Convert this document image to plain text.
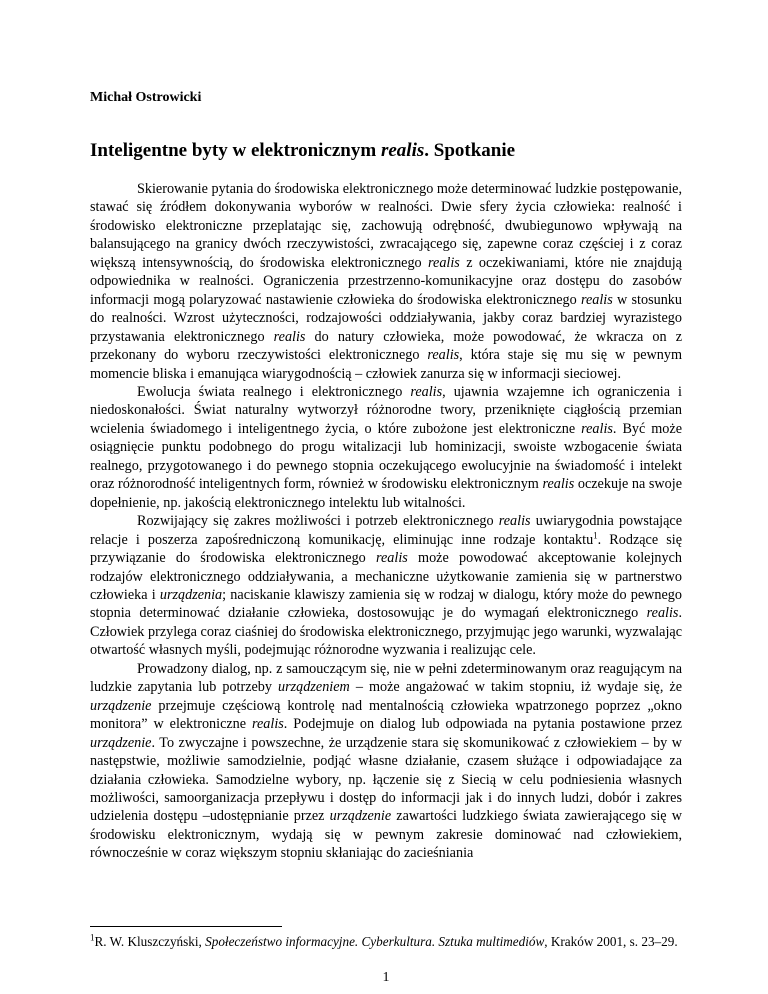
Michał Ostrowicki
Inteligentne byty w elektronicznym realis. Spotkanie

Skierowanie pytania do środowiska elektronicznego może determinować ludzkie postępowanie, stawać się źródłem dokonywania wyborów w realności. Dwie sfery życia człowieka: realność i środowisko elektroniczne przeplatając się, zachowują odrębność, dwubiegunowo wpływają na balansującego na granicy dwóch rzeczywistości, zwracającego się, zapewne coraz częściej i z coraz większą intensywnością, do środowiska elektronicznego realis z oczekiwaniami, które nie znajdują odpowiednika w realności. Ograniczenia przestrzenno-komunikacyjne oraz dostępu do zasobów informacji mogą polaryzować nastawienie człowieka do środowiska elektronicznego realis w stosunku do realności. Wzrost użyteczności, rodzajowości oddziaływania, jakby coraz bardziej wyrazistego przystawania elektronicznego realis do natury człowieka, może powodować, że wkracza on z przekonany do wyboru rzeczywistości elektronicznego realis, która staje się mu się w pewnym momencie bliska i emanująca wiarygodnością – człowiek zanurza się w informacji sieciowej.

Ewolucja świata realnego i elektronicznego realis, ujawnia wzajemne ich ograniczenia i niedoskonałości. Świat naturalny wytworzył różnorodne twory, przeniknięte ciągłością przemian wcielenia świadomego i inteligentnego życia, o które zubożone jest elektroniczne realis. Być może osiągnięcie punktu podobnego do progu witalizacji lub hominizacji, swoiste wzbogacenie świata realnego, przygotowanego i do pewnego stopnia oczekującego ewolucyjnie na świadomość i intelekt oraz różnorodność inteligentnych form, również w środowisku elektronicznym realis oczekuje na swoje dopełnienie, np. jakością elektronicznego intelektu lub witalności.

Rozwijający się zakres możliwości i potrzeb elektronicznego realis uwiarygodnia powstające relacje i poszerza zapośredniczoną komunikację, eliminując inne rodzaje kontaktu$^1$. Rodzące się przywiązanie do środowiska elektronicznego realis może powodować akceptowanie kolejnych rodzajów elektronicznego oddziaływania, a mechaniczne użytkowanie zamienia się w partnerstwo człowieka i urządzenia; naciskanie klawiszy zamienia się w rodzaj w dialogu, który może do pewnego stopnia determinować działanie człowieka, dostosowując je do wymagań elektronicznego realis. Człowiek przylega coraz ciaśniej do środowiska elektronicznego, przyjmując jego warunki, wyzwalając otwartość własnych myśli, podejmując różnorodne wyzwania i realizując cele.

Prowadzony dialog, np. z samouczącym się, nie w pełni zdeterminowanym oraz reagującym na ludzkie zapytania lub potrzeby urządzeniem – może angażować w takim stopniu, iż wydaje się, że urządzenie przejmuje częściową kontrolę nad mentalnością człowieka wpatrzonego poprzez „okno monitora” w elektroniczne realis. Podejmuje on dialog lub odpowiada na pytania postawione przez urządzenie. To zwyczajne i powszechne, że urządzenie stara się skomunikować z człowiekiem – by w następstwie, możliwie samodzielnie, podjąć własne działanie, czasem służące i odpowiadające za działania człowieka. Samodzielne wybory, np. łączenie się z Siecią w celu podniesienia własnych możliwości, samoorganizacja przepływu i dostęp do informacji jak i do innych ludzi, dobór i zakres udzielenia dostępu –udostępnianie przez urządzenie zawartości ludzkiego świata zawierającego się w środowisku elektronicznym, wydają się w pewnym zakresie dominować nad człowiekiem, równocześnie w coraz większym stopniu skłaniając do zacieśniania

$^1$R. W. Kluszczyński, Społeczeństwo informacyjne. Cyberkultura. Sztuka multimediów, Kraków 2001, s. 23–29.
1
